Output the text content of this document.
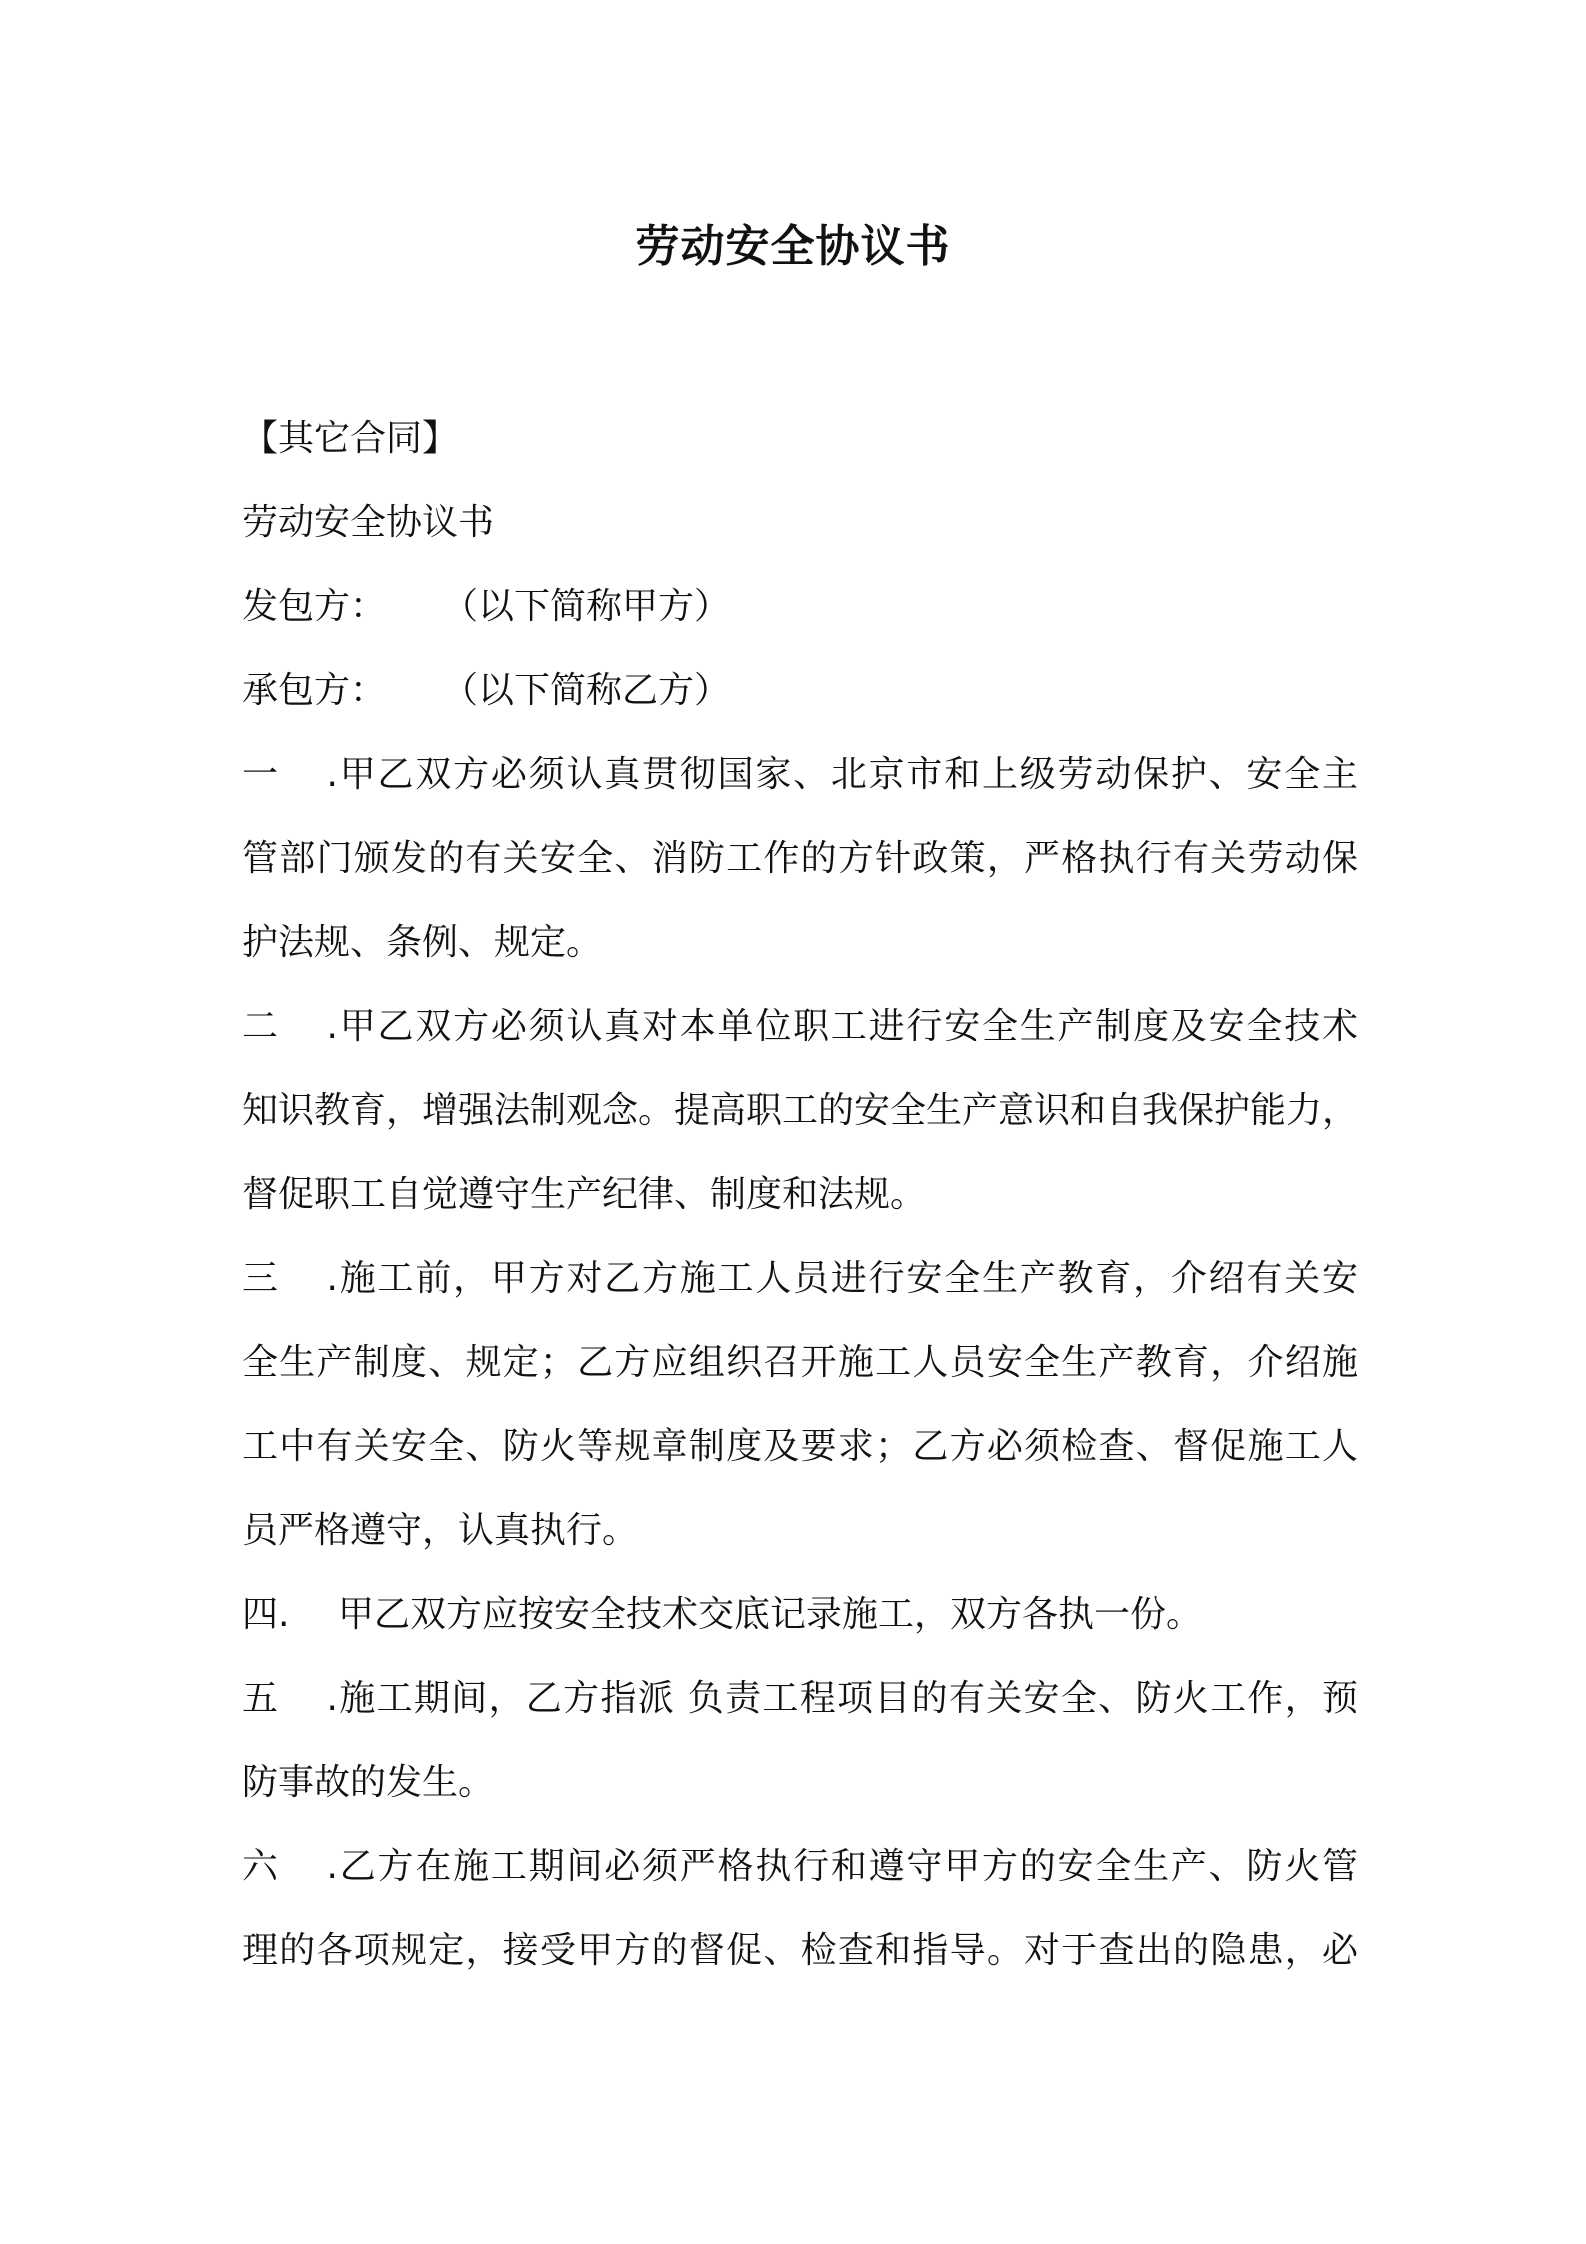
劳动安全协议书
【其它合同】
劳动安全协议书
发包方： （以下简称甲方）
承包方： （以下简称乙方）
一.甲乙双方必须认真贯彻国家、北京市和上级劳动保护、安全主
管部门颁发的有关安全、消防工作的方针政策，严格执行有关劳动保
护法规、条例、规定。
二.甲乙双方必须认真对本单位职工进行安全生产制度及安全技术
知识教育，增强法制观念。提高职工的安全生产意识和自我保护能力，
督促职工自觉遵守生产纪律、制度和法规。
三.施工前，甲方对乙方施工人员进行安全生产教育，介绍有关安
全生产制度、规定；乙方应组织召开施工人员安全生产教育，介绍施
工中有关安全、防火等规章制度及要求；乙方必须检查、督促施工人
员严格遵守，认真执行。
四. 甲乙双方应按安全技术交底记录施工，双方各执一份。
五.施工期间，乙方指派 负责工程项目的有关安全、防火工作，预
防事故的发生。
六.乙方在施工期间必须严格执行和遵守甲方的安全生产、防火管
理的各项规定，接受甲方的督促、检查和指导。对于查出的隐患，必
